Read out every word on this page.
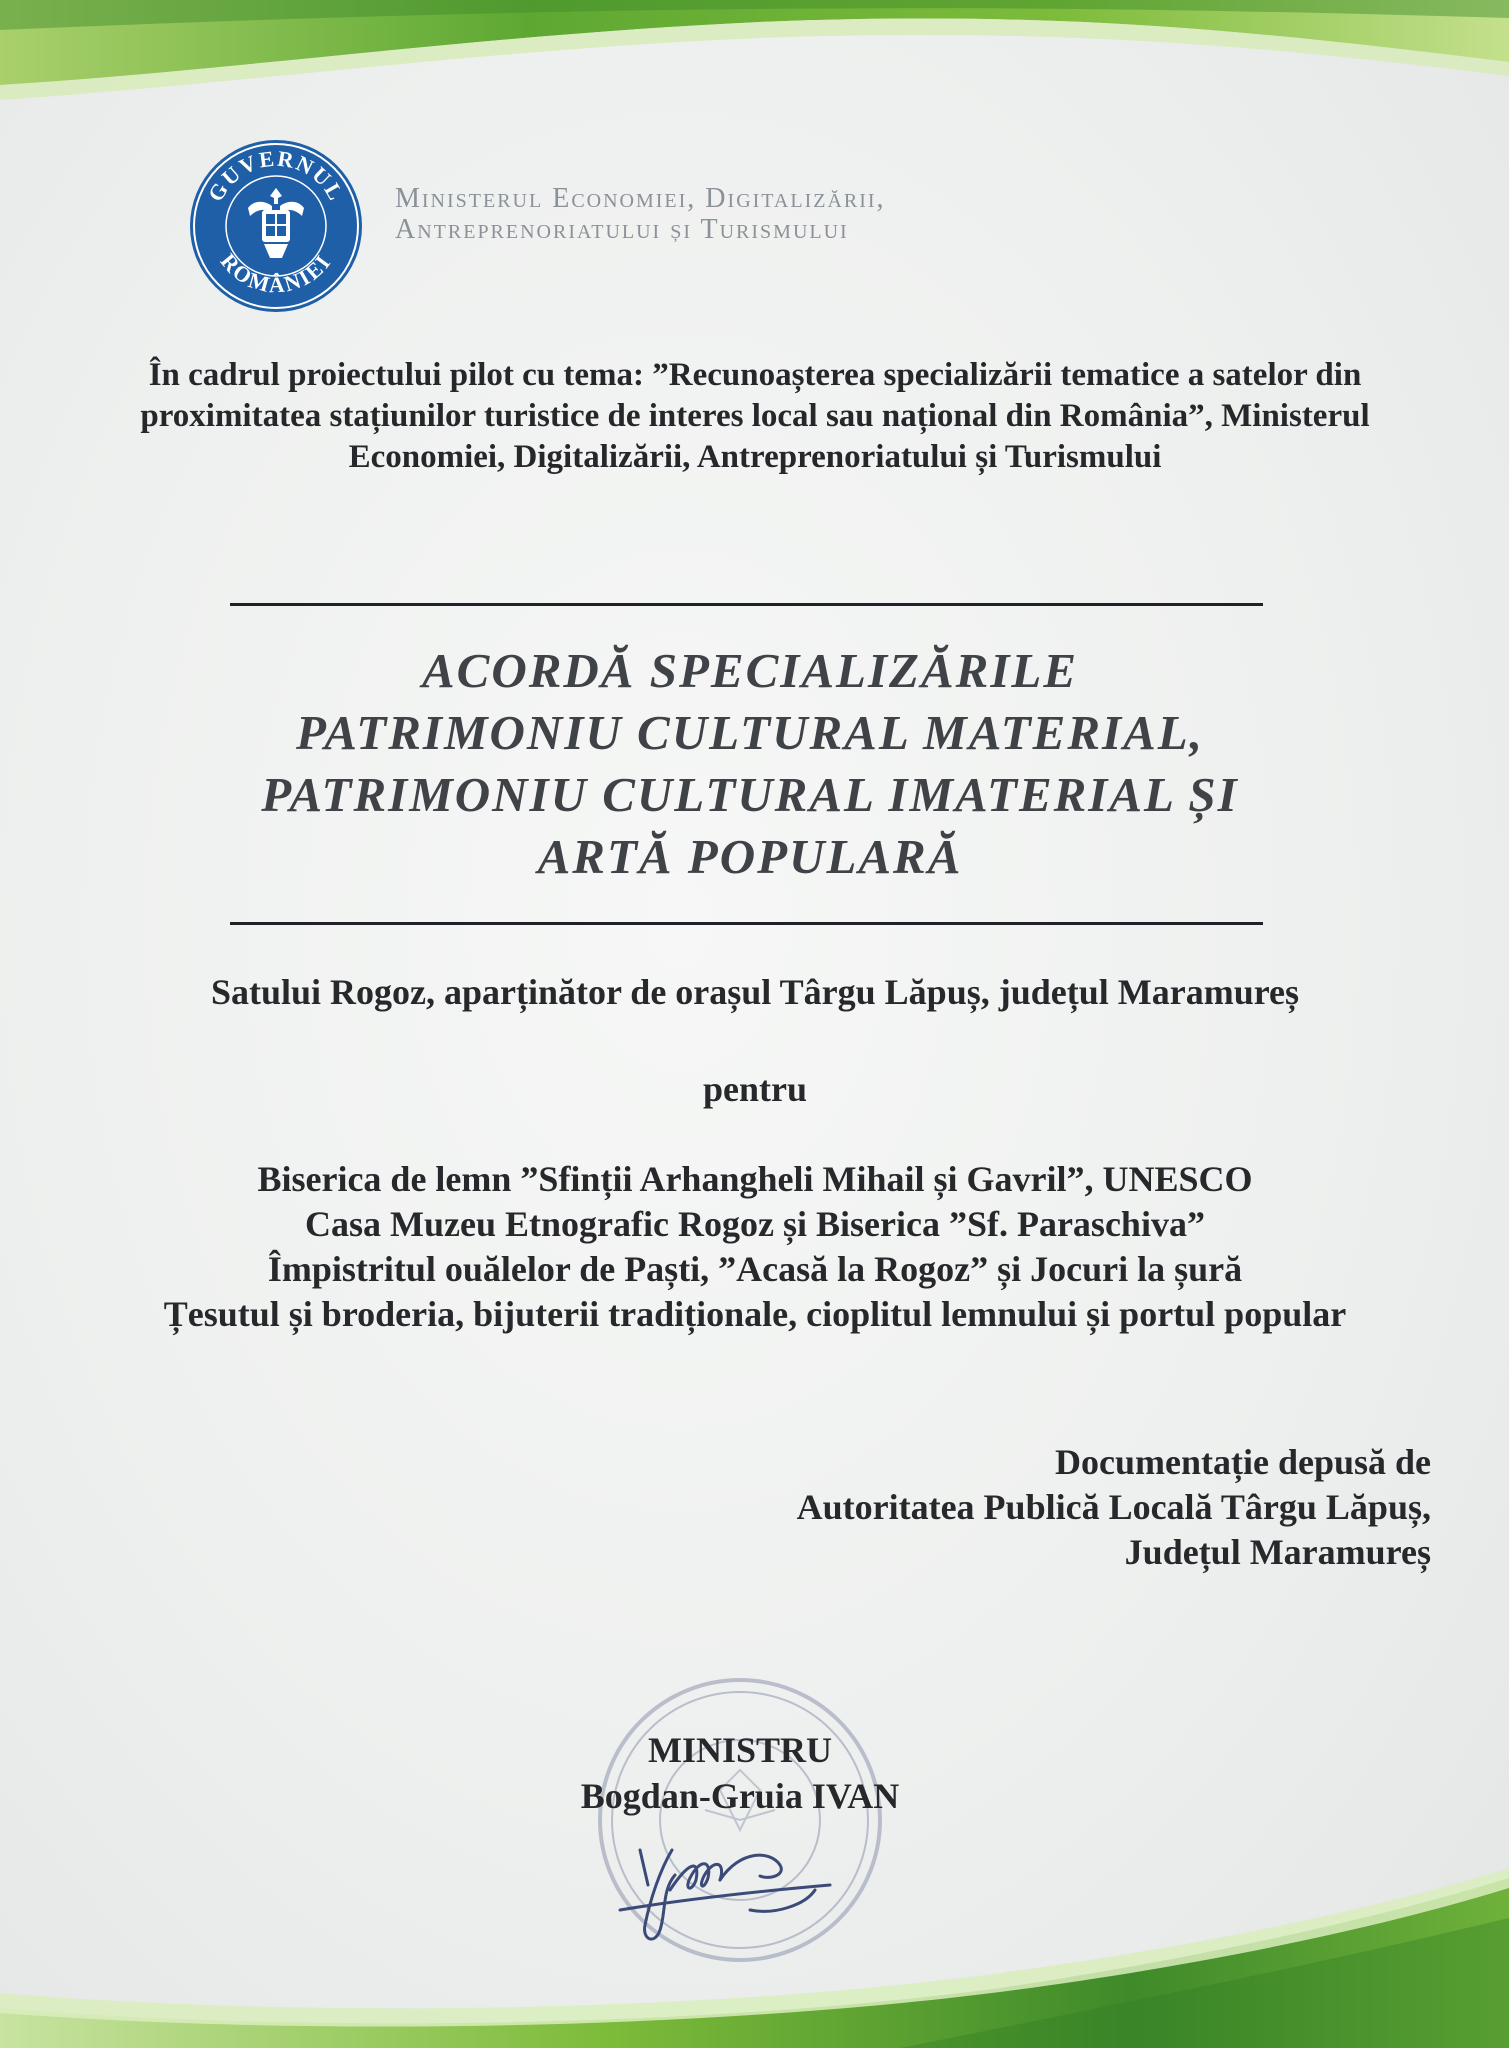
GUVERNUL
ROMÂNIEI
Ministerul Economiei, Digitalizării,
Antreprenoriatului și Turismului
În cadrul proiectului pilot cu tema: ”Recunoașterea specializării tematice a satelor din
proximitatea stațiunilor turistice de interes local sau național din România”, Ministerul
Economiei, Digitalizării, Antreprenoriatului și Turismului
ACORDĂ SPECIALIZĂRILE
PATRIMONIU CULTURAL MATERIAL,
PATRIMONIU CULTURAL IMATERIAL ȘI
ARTĂ POPULARĂ
Satului Rogoz, aparținător de orașul Târgu Lăpuș, județul Maramureș
pentru
Biserica de lemn ”Sfinții Arhangheli Mihail și Gavril”, UNESCO
Casa Muzeu Etnografic Rogoz și Biserica ”Sf. Paraschiva”
Împistritul ouălelor de Paști, ”Acasă la Rogoz” și Jocuri la șură
Țesutul și broderia, bijuterii tradiționale, cioplitul lemnului și portul popular
Documentație depusă de
Autoritatea Publică Locală Târgu Lăpuș,
Județul Maramureș
MINISTRU
Bogdan-Gruia IVAN
